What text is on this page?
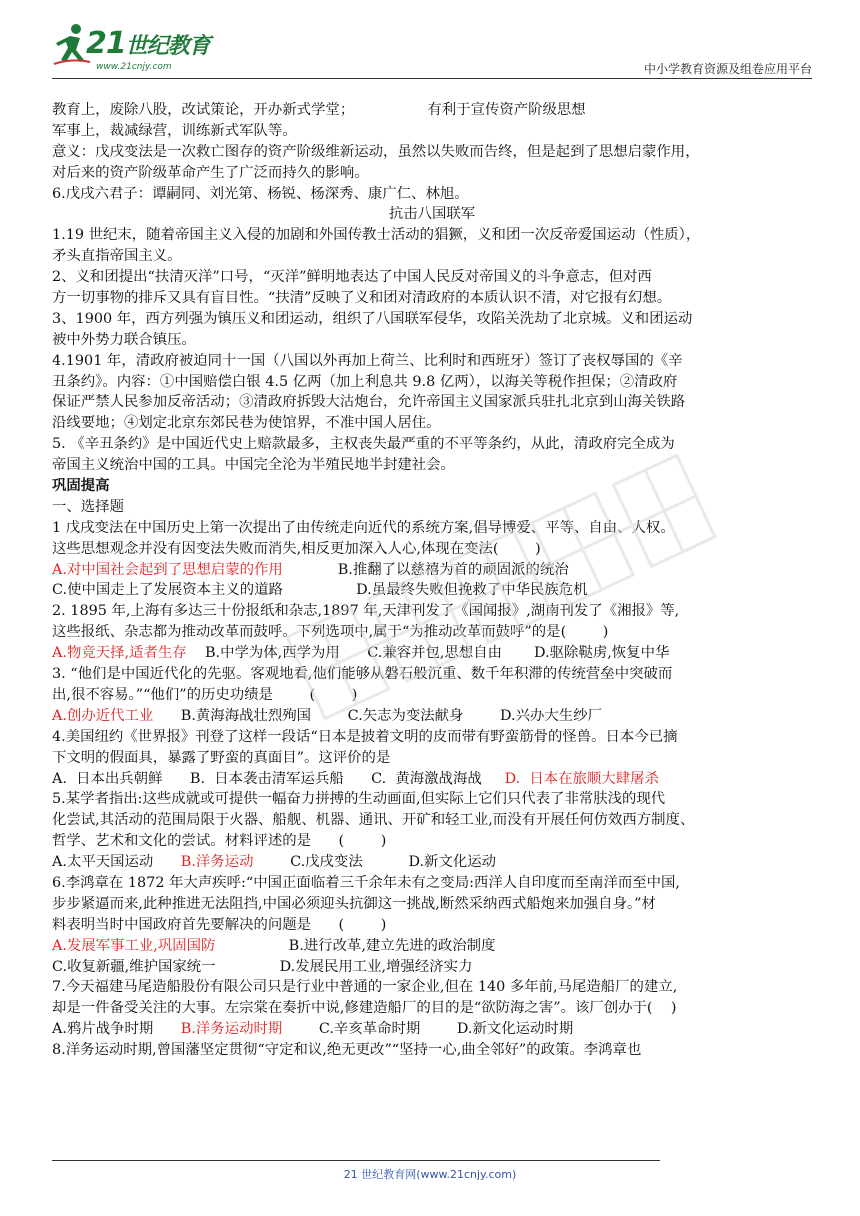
21世纪教育
www.21cnjy.com	中小学教育资源及组卷应用平台
教育上，废除八股，改试策论，开办新式学堂；                有利于宣传资产阶级思想
军事上，裁减绿营，训练新式军队等。
意义：戊戌变法是一次救亡图存的资产阶级维新运动，虽然以失败而告终，但是起到了思想启蒙作用，
对后来的资产阶级革命产生了广泛而持久的影响。
6.戊戌六君子：谭嗣同、刘光第、杨锐、杨深秀、康广仁、林旭。
抗击八国联军
1.19 世纪末，随着帝国主义入侵的加剧和外国传教士活动的猖獗，义和团一次反帝爱国运动（性质），
矛头直指帝国主义。
2、义和团提出“扶清灭洋”口号，“灭洋”鲜明地表达了中国人民反对帝国义的斗争意志，但对西
方一切事物的排斥又具有盲目性。“扶清”反映了义和团对清政府的本质认识不清，对它报有幻想。
3、1900 年，西方列强为镇压义和团运动，组织了八国联军侵华，攻陷关洗劫了北京城。义和团运动
被中外势力联合镇压。
4.1901 年，清政府被迫同十一国（八国以外再加上荷兰、比利时和西班牙）签订了丧权辱国的《辛
丑条约》。内容：①中国赔偿白银 4.5 亿两（加上利息共 9.8 亿两），以海关等税作担保；②清政府
保证严禁人民参加反帝活动；③清政府拆毁大沽炮台，允许帝国主义国家派兵驻扎北京到山海关铁路
沿线要地；④划定北京东郊民巷为使馆界，不准中国人居住。
5. 《辛丑条约》是中国近代史上赔款最多，主权丧失最严重的不平等条约，从此，清政府完全成为
帝国主义统治中国的工具。中国完全沦为半殖民地半封建社会。
巩固提高
一、选择题
1 戊戌变法在中国历史上第一次提出了由传统走向近代的系统方案,倡导博爱、平等、自由、人权。
这些思想观念并没有因变法失败而消失,相反更加深入人心,体现在变法(        )
A.对中国社会起到了思想启蒙的作用            B.推翻了以慈禧为首的顽固派的统治
C.使中国走上了发展资本主义的道路                D.虽最终失败但挽救了中华民族危机
2. 1895 年,上海有多达三十份报纸和杂志,1897 年,天津刊发了《国闻报》,湖南刊发了《湘报》等,
这些报纸、杂志都为推动改革而鼓呼。下列选项中,属于“为推动改革而鼓呼”的是(        )
A.物竞天择,适者生存    B.中学为体,西学为用      C.兼容并包,思想自由       D.驱除鞑虏,恢复中华
3. “他们是中国近代化的先驱。客观地看,他们能够从磐石般沉重、数千年积滞的传统营垒中突破而
出,很不容易。”“他们”的历史功绩是        (        )
A.创办近代工业      B.黄海海战壮烈殉国        C.矢志为变法献身        D.兴办大生纱厂
4.美国纽约《世界报》刊登了这样一段话“日本是披着文明的皮而带有野蛮筋骨的怪兽。日本今已摘
下文明的假面具，暴露了野蛮的真面目”。这评价的是
A.  日本出兵朝鲜      B.  日本袭击清军运兵船      C.  黄海激战海战     D.  日本在旅顺大肆屠杀
5.某学者指出:这些成就或可提供一幅奋力拼搏的生动画面,但实际上它们只代表了非常肤浅的现代
化尝试,其活动的范围局限于火器、船舰、机器、通讯、开矿和轻工业,而没有开展任何仿效西方制度、
哲学、艺术和文化的尝试。材料评述的是      (        )
A.太平天国运动      B.洋务运动        C.戊戌变法          D.新文化运动
6.李鸿章在 1872 年大声疾呼:“中国正面临着三千余年未有之变局:西洋人自印度而至南洋而至中国,
步步紧逼而来,此种推进无法阻挡,中国必须迎头抗御这一挑战,断然采纳西式船炮来加强自身。”材
料表明当时中国政府首先要解决的问题是      (        )
A.发展军事工业,巩固国防                B.进行改革,建立先进的政治制度
C.收复新疆,维护国家统一              D.发展民用工业,增强经济实力
7.今天福建马尾造船股份有限公司只是行业中普通的一家企业,但在 140 多年前,马尾造船厂的建立,
却是一件备受关注的大事。左宗棠在奏折中说,修建造船厂的目的是“欲防海之害”。该厂创办于(    )
A.鸦片战争时期      B.洋务运动时期        C.辛亥革命时期        D.新文化运动时期
8.洋务运动时期,曾国藩坚定贯彻“守定和议,绝无更改”“坚持一心,曲全邻好”的政策。李鸿章也
21 世纪教育网(www.21cnjy.com)
